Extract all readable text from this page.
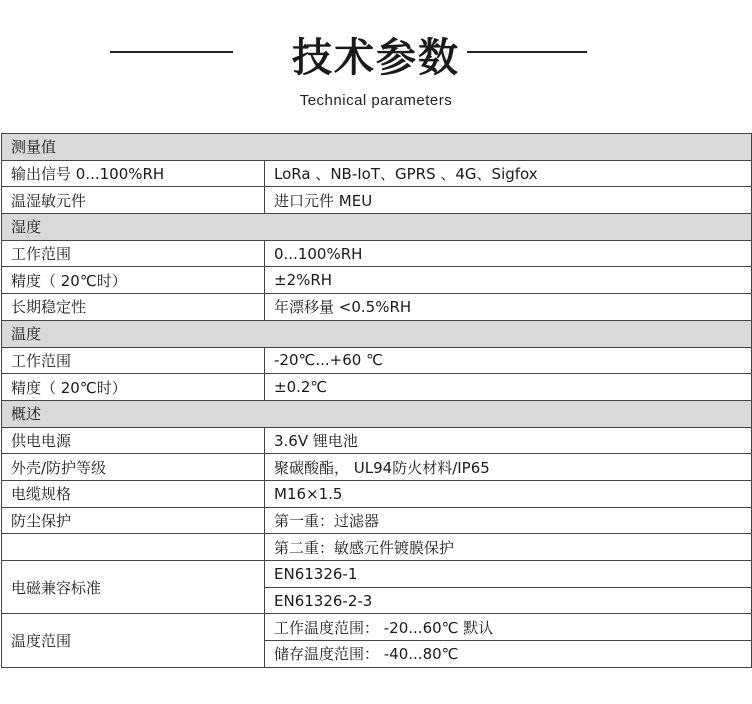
技术参数
Technical parameters
测量值	
输出信号 0...100%RH	LoRa 、NB-IoT、GPRS 、4G、Sigfox
温湿敏元件	进口元件 MEU
湿度	
工作范围	0...100%RH
精度（ 20℃时）	±2%RH
长期稳定性	年漂移量 <0.5%RH
温度	
工作范围	-20℃...+60 ℃
精度（ 20℃时）	±0.2℃
概述	
供电电源	3.6V 锂电池
外壳/防护等级	聚碳酸酯， UL94防火材料/IP65
电缆规格	M16×1.5
防尘保护	第一重：过滤器
	第二重：敏感元件镀膜保护
电磁兼容标准	EN61326-1
	EN61326-2-3
温度范围	工作温度范围： -20...60℃ 默认
	储存温度范围： -40...80℃
